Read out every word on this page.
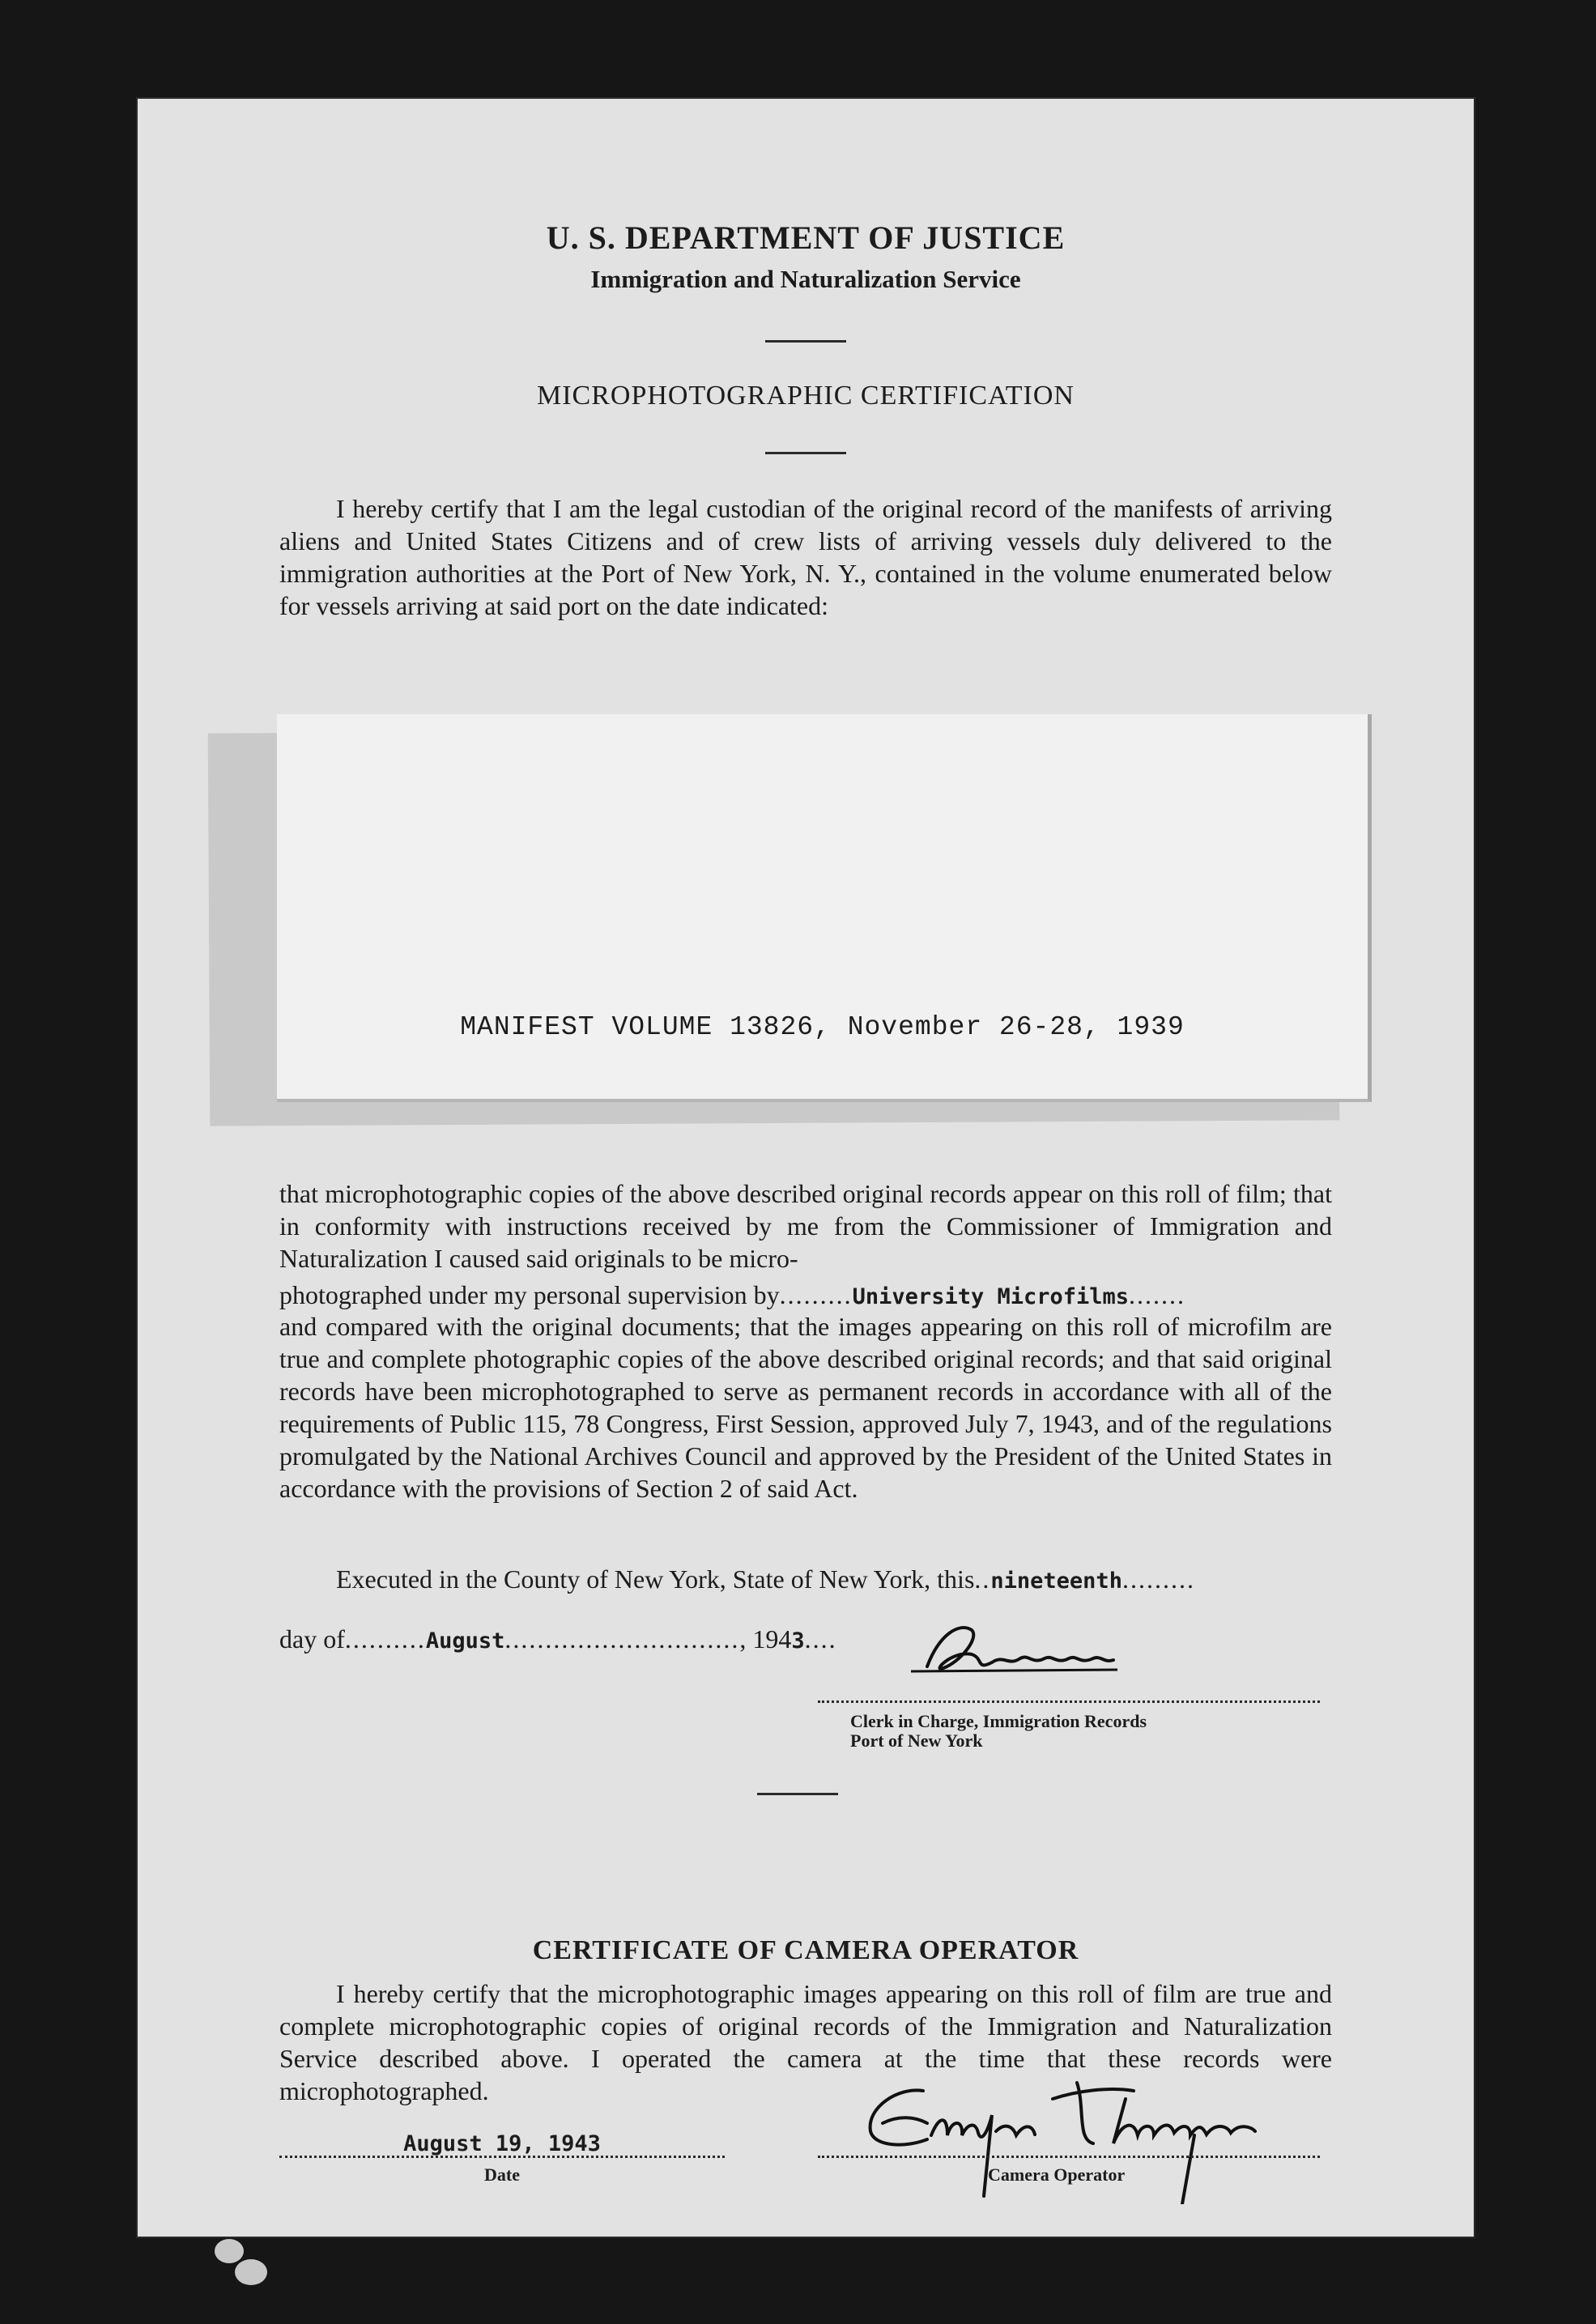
U. S. DEPARTMENT OF JUSTICE
Immigration and Naturalization Service
MICROPHOTOGRAPHIC CERTIFICATION
I hereby certify that I am the legal custodian of the original record of the manifests of arriving aliens and United States Citizens and of crew lists of arriving vessels duly delivered to the immigration authorities at the Port of New York, N. Y., contained in the volume enumerated below for vessels arriving at said port on the date indicated:
MANIFEST VOLUME 13826, November 26-28, 1939
that microphotographic copies of the above described original records appear on this roll of film; that in conformity with instructions received by me from the Commissioner of Immigration and Naturalization I caused said originals to be micro-
photographed under my personal supervision by.........University Microfilms.......
and compared with the original documents; that the images appearing on this roll of microfilm are true and complete photographic copies of the above described original records; and that said original records have been microphotographed to serve as permanent records in accordance with all of the requirements of Public 115, 78 Congress, First Session, approved July 7, 1943, and of the regulations promulgated by the National Archives Council and approved by the President of the United States in accordance with the provisions of Section 2 of said Act.
Executed in the County of New York, State of New York, this..nineteenth.........
day of..........August............................., 1943....
Clerk in Charge, Immigration Records
Port of New York
CERTIFICATE OF CAMERA OPERATOR
I hereby certify that the microphotographic images appearing on this roll of film are true and complete microphotographic copies of original records of the Immigration and Naturalization Service described above. I operated the camera at the time that these records were microphotographed.
August 19, 1943
Date	Camera Operator
